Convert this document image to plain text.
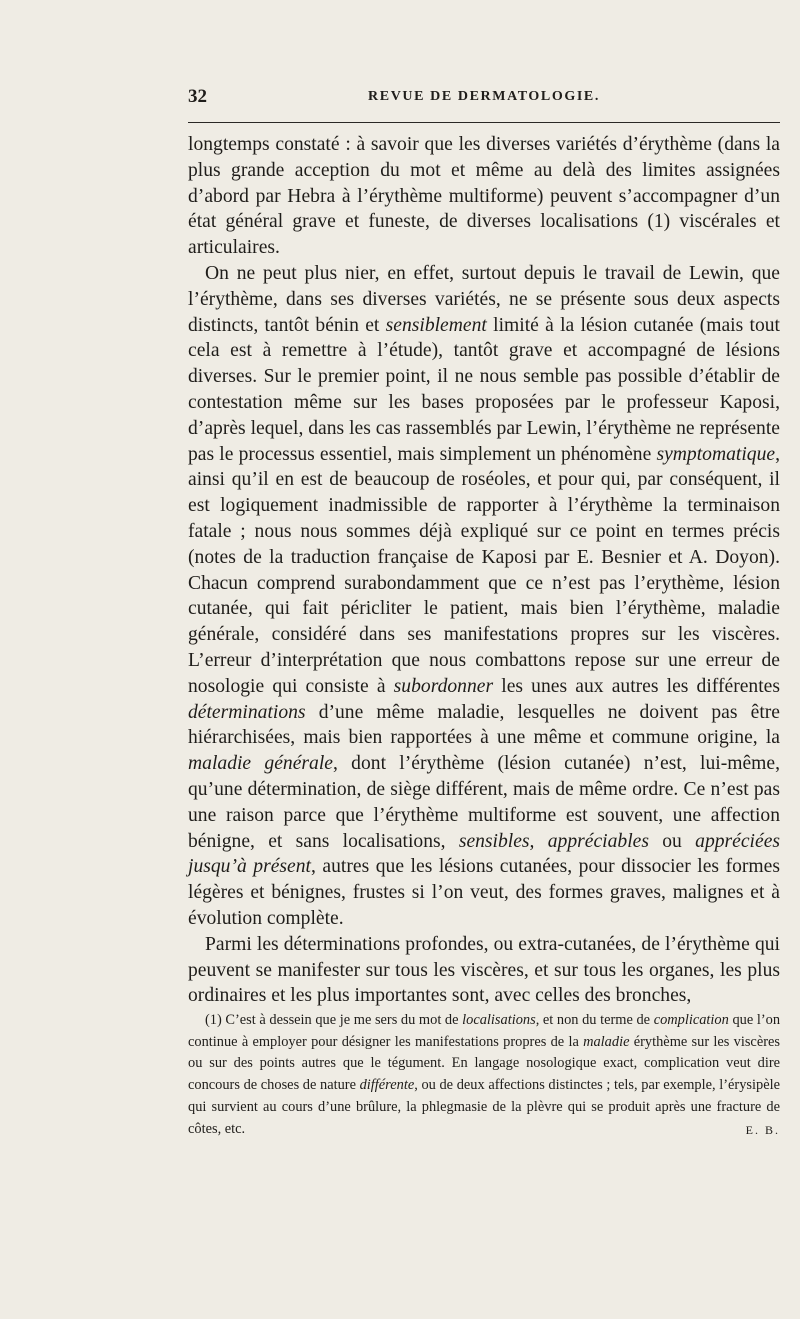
32	REVUE DE DERMATOLOGIE.

longtemps constaté : à savoir que les diverses variétés d’érythème (dans la plus grande acception du mot et même au delà des limites assignées d’abord par Hebra à l’érythème multiforme) peuvent s’accompagner d’un état général grave et funeste, de diverses localisations (1) viscérales et articulaires.

On ne peut plus nier, en effet, surtout depuis le travail de Lewin, que l’érythème, dans ses diverses variétés, ne se présente sous deux aspects distincts, tantôt bénin et sensiblement limité à la lésion cutanée (mais tout cela est à remettre à l’étude), tantôt grave et accompagné de lésions diverses. Sur le premier point, il ne nous semble pas possible d’établir de contestation même sur les bases proposées par le professeur Kaposi, d’après lequel, dans les cas rassemblés par Lewin, l’érythème ne représente pas le processus essentiel, mais simplement un phénomène symptomatique, ainsi qu’il en est de beaucoup de roséoles, et pour qui, par conséquent, il est logiquement inadmissible de rapporter à l’érythème la terminaison fatale ; nous nous sommes déjà expliqué sur ce point en termes précis (notes de la traduction française de Kaposi par E. Besnier et A. Doyon). Chacun comprend surabondamment que ce n’est pas l’erythème, lésion cutanée, qui fait péricliter le patient, mais bien l’érythème, maladie générale, considéré dans ses manifestations propres sur les viscères. L’erreur d’interprétation que nous combattons repose sur une erreur de nosologie qui consiste à subordonner les unes aux autres les différentes déterminations d’une même maladie, lesquelles ne doivent pas être hiérarchisées, mais bien rapportées à une même et commune origine, la maladie générale, dont l’érythème (lésion cutanée) n’est, lui-même, qu’une détermination, de siège différent, mais de même ordre. Ce n’est pas une raison parce que l’érythème multiforme est souvent, une affection bénigne, et sans localisations, sensibles, appréciables ou appréciées jusqu’à présent, autres que les lésions cutanées, pour dissocier les formes légères et bénignes, frustes si l’on veut, des formes graves, malignes et à évolution complète.

Parmi les déterminations profondes, ou extra-cutanées, de l’érythème qui peuvent se manifester sur tous les viscères, et sur tous les organes, les plus ordinaires et les plus importantes sont, avec celles des bronches,

(1) C’est à dessein que je me sers du mot de localisations, et non du terme de complication que l’on continue à employer pour désigner les manifestations propres de la maladie érythème sur les viscères ou sur des points autres que le tégument. En langage nosologique exact, complication veut dire concours de choses de nature différente, ou de deux affections distinctes ; tels, par exemple, l’érysipèle qui survient au cours d’une brûlure, la phlegmasie de la plèvre qui se produit après une fracture de côtes, etc.	E. B.
